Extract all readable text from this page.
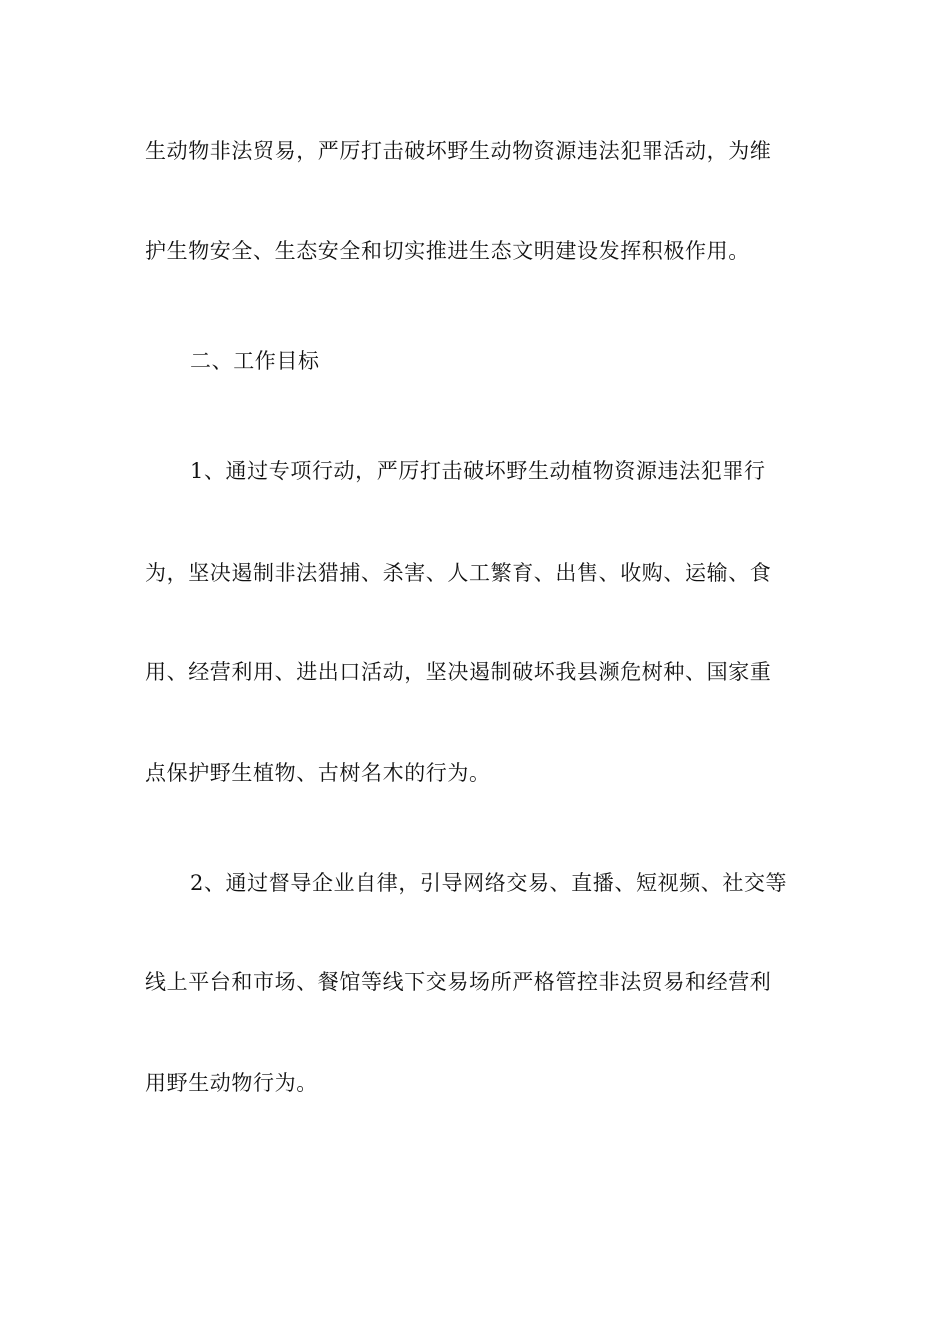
生动物非法贸易，严厉打击破坏野生动物资源违法犯罪活动，为维
护生物安全、生态安全和切实推进生态文明建设发挥积极作用。
二、工作目标
1、通过专项行动，严厉打击破坏野生动植物资源违法犯罪行
为，坚决遏制非法猎捕、杀害、人工繁育、出售、收购、运输、食
用、经营利用、进出口活动，坚决遏制破坏我县濒危树种、国家重
点保护野生植物、古树名木的行为。
2、通过督导企业自律，引导网络交易、直播、短视频、社交等
线上平台和市场、餐馆等线下交易场所严格管控非法贸易和经营利
用野生动物行为。
